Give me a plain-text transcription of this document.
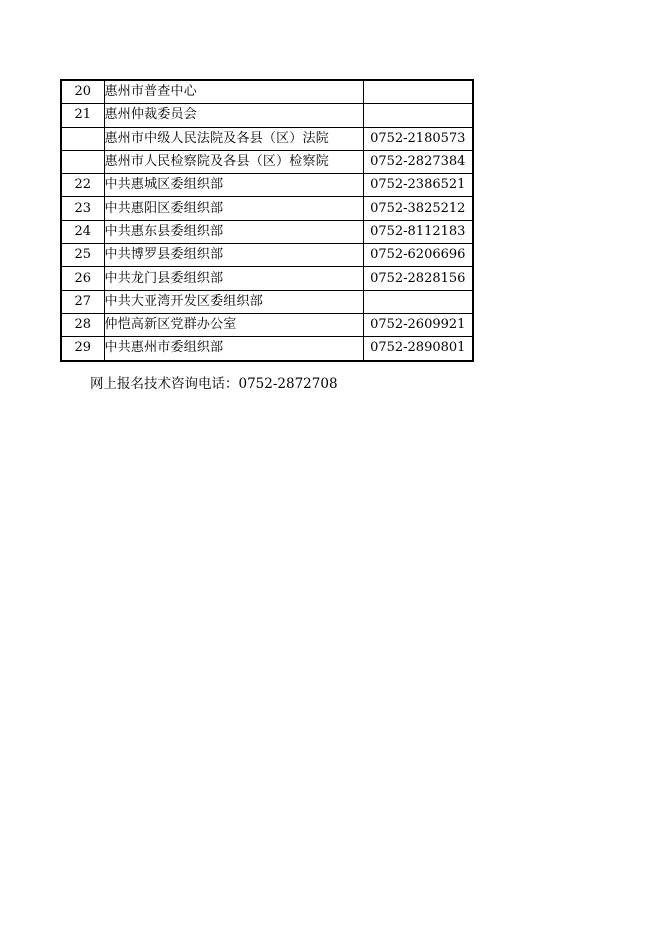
20	惠州市普查中心	
21	惠州仲裁委员会	
	惠州市中级人民法院及各县（区）法院	0752-2180573
	惠州市人民检察院及各县（区）检察院	0752-2827384
22	中共惠城区委组织部	0752-2386521
23	中共惠阳区委组织部	0752-3825212
24	中共惠东县委组织部	0752-8112183
25	中共博罗县委组织部	0752-6206696
26	中共龙门县委组织部	0752-2828156
27	中共大亚湾开发区委组织部	
28	仲恺高新区党群办公室	0752-2609921
29	中共惠州市委组织部	0752-2890801
网上报名技术咨询电话：0752-2872708
